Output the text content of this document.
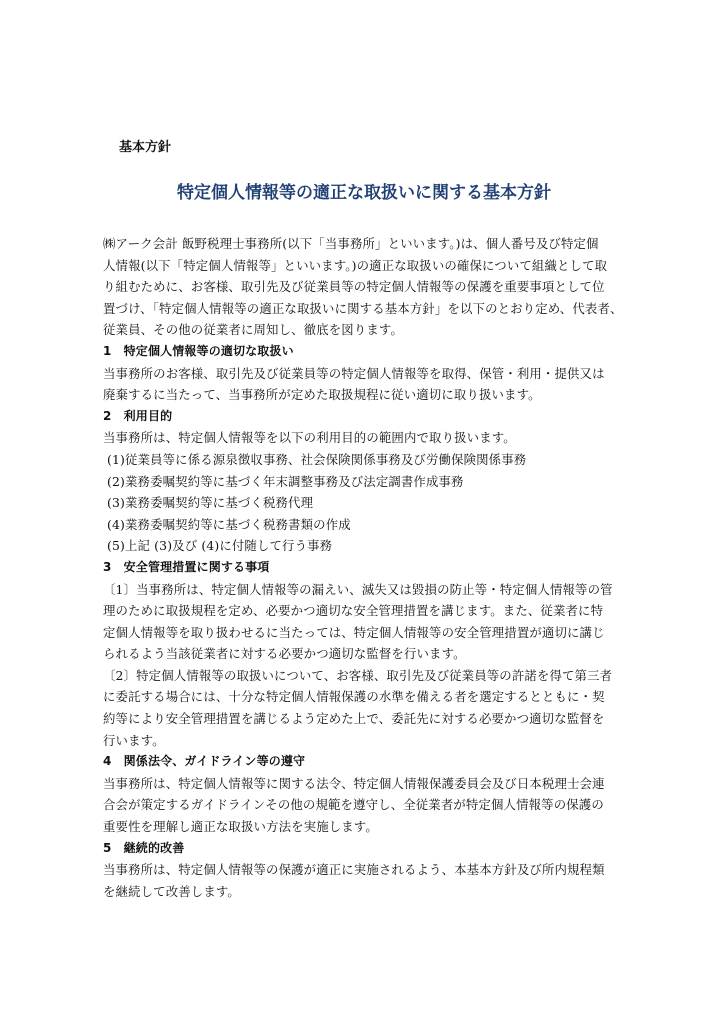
基本方針
特定個人情報等の適正な取扱いに関する基本方針
㈱アーク会計 飯野税理士事務所(以下「当事務所」といいます。)は、個人番号及び特定個
人情報(以下「特定個人情報等」といいます。)の適正な取扱いの確保について組織として取
り組むために、お客様、取引先及び従業員等の特定個人情報等の保護を重要事項として位
置づけ、「特定個人情報等の適正な取扱いに関する基本方針」を以下のとおり定め、代表者、
従業員、その他の従業者に周知し、徹底を図ります。
1　特定個人情報等の適切な取扱い
当事務所のお客様、取引先及び従業員等の特定個人情報等を取得、保管・利用・提供又は
廃棄するに当たって、当事務所が定めた取扱規程に従い適切に取り扱います。
2　利用目的
当事務所は、特定個人情報等を以下の利用目的の範囲内で取り扱います。
(1)従業員等に係る源泉徴収事務、社会保険関係事務及び労働保険関係事務
(2)業務委嘱契約等に基づく年末調整事務及び法定調書作成事務
(3)業務委嘱契約等に基づく税務代理
(4)業務委嘱契約等に基づく税務書類の作成
(5)上記 (3)及び (4)に付随して行う事務
3　安全管理措置に関する事項
〔1〕当事務所は、特定個人情報等の漏えい、滅失又は毀損の防止等・特定個人情報等の管
理のために取扱規程を定め、必要かつ適切な安全管理措置を講じます。また、従業者に特
定個人情報等を取り扱わせるに当たっては、特定個人情報等の安全管理措置が適切に講じ
られるよう当該従業者に対する必要かつ適切な監督を行います。
〔2〕特定個人情報等の取扱いについて、お客様、取引先及び従業員等の許諾を得て第三者
に委託する場合には、十分な特定個人情報保護の水準を備える者を選定するとともに・契
約等により安全管理措置を講じるよう定めた上で、委託先に対する必要かつ適切な監督を
行います。
4　関係法令、ガイドライン等の遵守
当事務所は、特定個人情報等に関する法令、特定個人情報保護委員会及び日本税理士会連
合会が策定するガイドラインその他の規範を遵守し、全従業者が特定個人情報等の保護の
重要性を理解し適正な取扱い方法を実施します。
5　継続的改善
当事務所は、特定個人情報等の保護が適正に実施されるよう、本基本方針及び所内規程類
を継続して改善します。
